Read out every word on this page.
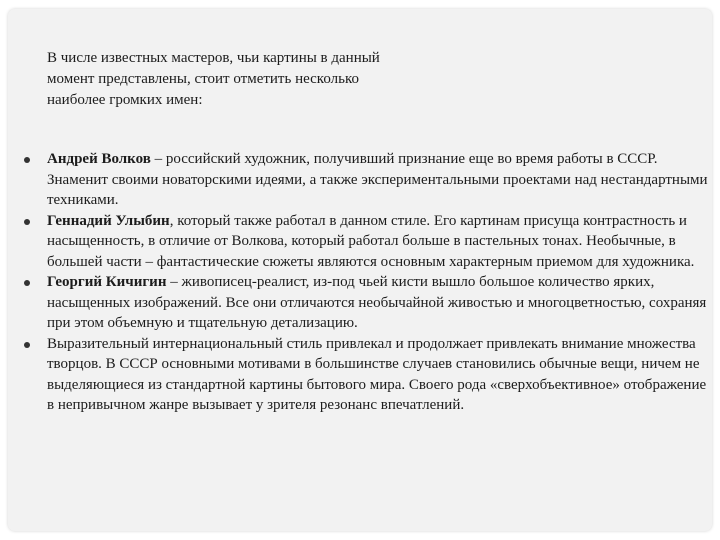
В числе известных мастеров, чьи картины в данный
момент представлены, стоит отметить несколько
наиболее громких имен:
Андрей Волков – российский художник, получивший признание еще во время работы в СССР. Знаменит своими новаторскими идеями, а также экспериментальными проектами над нестандартными техниками.
Геннадий Улыбин, который также работал в данном стиле. Его картинам присуща контрастность и насыщенность, в отличие от Волкова, который работал больше в пастельных тонах. Необычные, в большей части – фантастические сюжеты являются основным характерным приемом для художника.
Георгий Кичигин – живописец-реалист, из-под чьей кисти вышло большое количество ярких, насыщенных изображений. Все они отличаются необычайной живостью и многоцветностью, сохраняя при этом объемную и тщательную детализацию.
Выразительный интернациональный стиль привлекал и продолжает привлекать внимание множества творцов. В СССР основными мотивами в большинстве случаев становились обычные вещи, ничем не выделяющиеся из стандартной картины бытового мира. Своего рода «сверхобъективное» отображение в непривычном жанре вызывает у зрителя резонанс впечатлений.
